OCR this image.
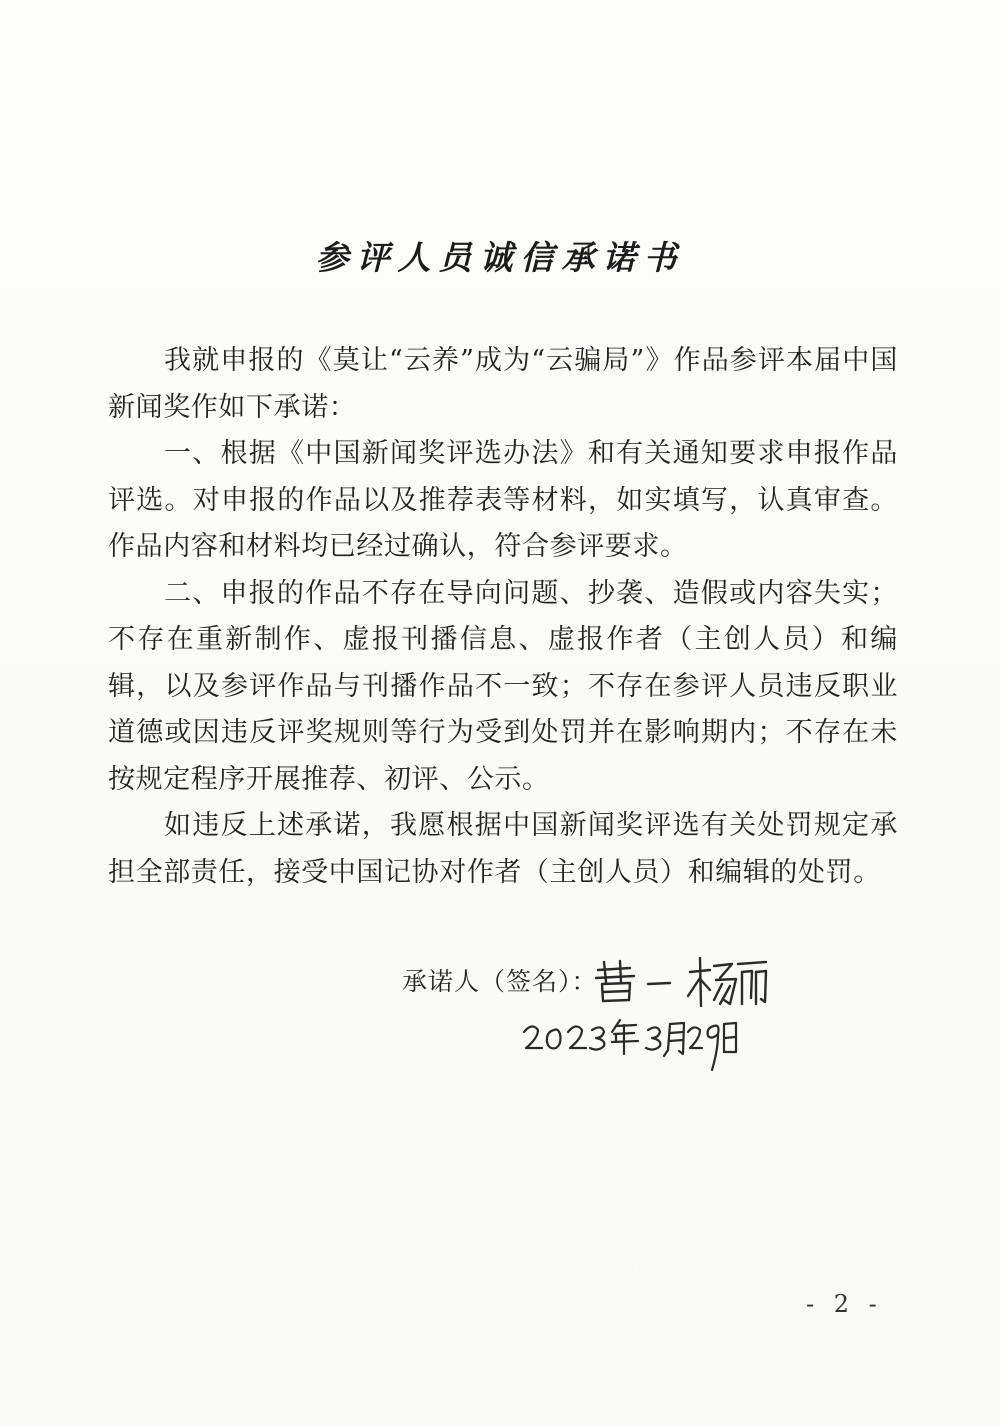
参评人员诚信承诺书

我就申报的《莫让“云养”成为“云骗局”》作品参评本届中国新闻奖作如下承诺：

一、根据《中国新闻奖评选办法》和有关通知要求申报作品评选。对申报的作品以及推荐表等材料，如实填写，认真审查。作品内容和材料均已经过确认，符合参评要求。

二、申报的作品不存在导向问题、抄袭、造假或内容失实；不存在重新制作、虚报刊播信息、虚报作者（主创人员）和编辑，以及参评作品与刊播作品不一致；不存在参评人员违反职业道德或因违反评奖规则等行为受到处罚并在影响期内；不存在未按规定程序开展推荐、初评、公示。

如违反上述承诺，我愿根据中国新闻奖评选有关处罚规定承担全部责任，接受中国记协对作者（主创人员）和编辑的处罚。

承诺人（签名）：
- 2 -
